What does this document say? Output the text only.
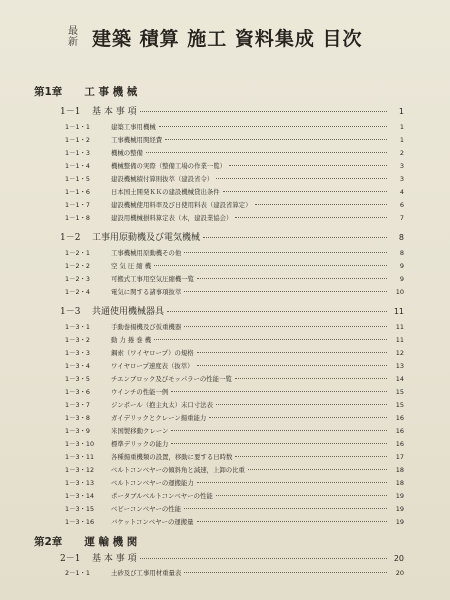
最
新 建築 積算 施工 資料集成 目次
第1章 工 事 機 械
1－1	基 本 事 項	1
1－1・1	建築工事用機械	1
1－1・2	工事機械用関経費	1
1－1・3	機械の整備	2
1－1・4	機械整備の実際（整備工場の作業一覧）	3
1－1・5	建設機械積付算則抜萃（建設省令）	3
1－1・6	日本国土開発ＫＫの建設機械貸出条件	4
1－1・7	建設機械使用料率及び日使用料表（建設省算定）	6
1－1・8	建設用機械損料算定表（木，建設業協会）	7
1－2	工事用原動機及び電気機械	8
1－2・1	工事機械用原動機その他	8
1－2・2	空 気 圧 縮 機	9
1－2・3	可搬式工事用空気圧縮機一覧	9
1－2・4	電気に関する諸事項抜萃	10
1－3	共通使用機械器具	11
1－3・1	手動巻揚機及び仮重機器	11
1－3・2	動 力 捲 巻 機	11
1－3・3	鋼索（ワイヤロープ）の規格	12
1－3・4	ワイヤロープ速度表（抜萃）	13
1－3・5	チエンブロック及びモッパラーの性能一覧	14
1－3・6	ウインチの性能一例	15
1－3・7	ジンポール（抱主丸太）末口寸法表	15
1－3・8	ガイデリックとクレーン揚重能力	16
1－3・9	米国製移動クレーン	16
1－3・10	標準デリックの能力	16
1－3・11	各種揚重機類の設置，移動に要する日時数	17
1－3・12	ベルトコンベヤーの傾斜角と減速，上卸の比重	18
1－3・13	ベルトコンベヤーの運搬能力	18
1－3・14	ポータブルベルトコンベヤーの性能	19
1－3・15	ベビーコンベヤーの性能	19
1－3・16	バケットコンベヤーの運搬量	19
第2章 運 輸 機 関
2－1	基 本 事 項	20
2－1・1	土砂及び工事用材重量表	20
